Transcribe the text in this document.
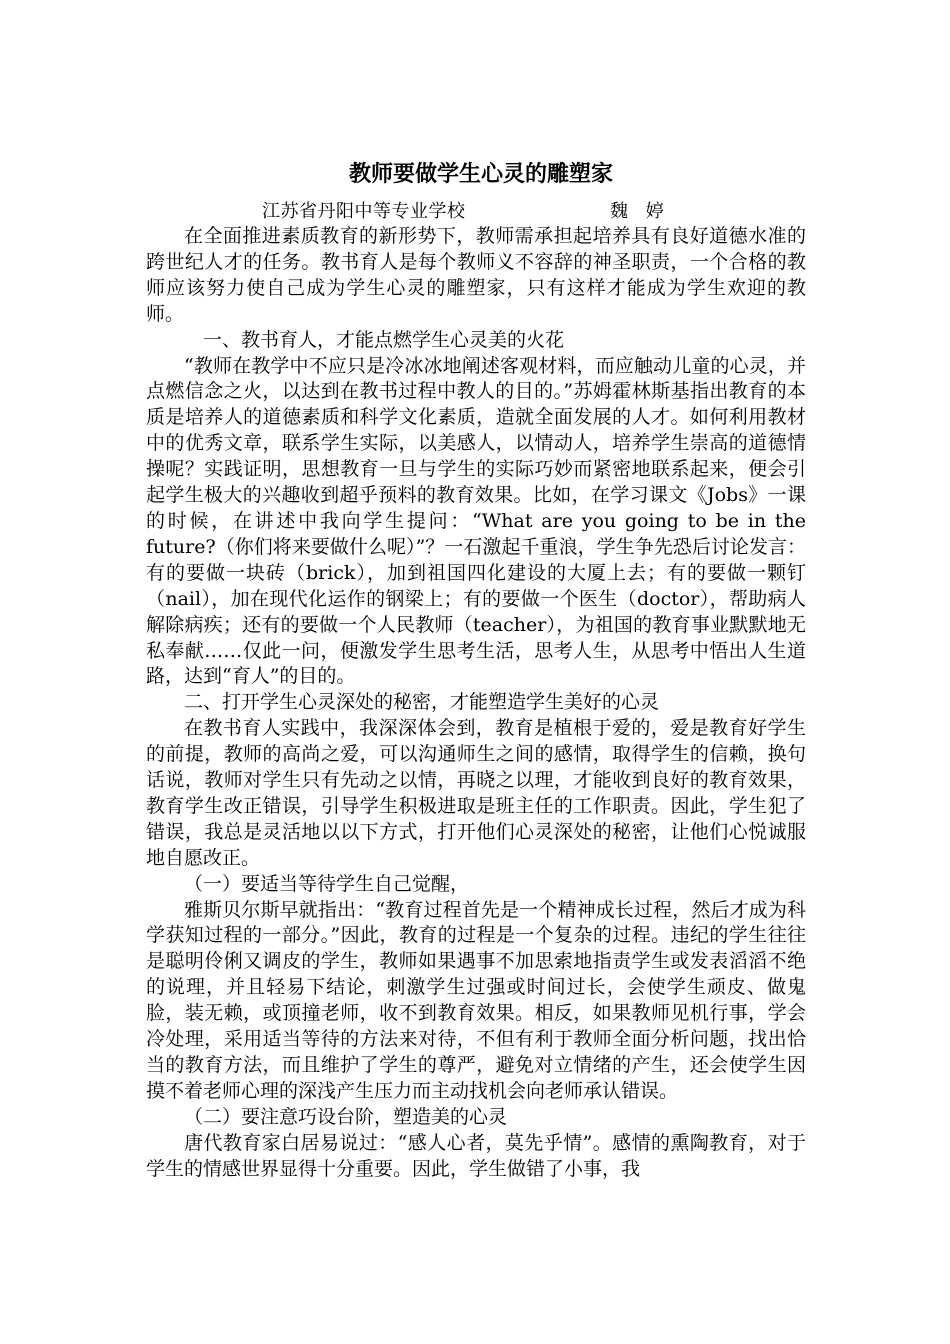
教师要做学生心灵的雕塑家
江苏省丹阳中等专业学校	魏 婷

在全面推进素质教育的新形势下，教师需承担起培养具有良好道德水准的跨世纪人才的任务。教书育人是每个教师义不容辞的神圣职责，一个合格的教师应该努力使自己成为学生心灵的雕塑家，只有这样才能成为学生欢迎的教师。

一、教书育人，才能点燃学生心灵美的火花

“教师在教学中不应只是冷冰冰地阐述客观材料，而应触动儿童的心灵，并点燃信念之火，以达到在教书过程中教人的目的。”苏姆霍林斯基指出教育的本质是培养人的道德素质和科学文化素质，造就全面发展的人才。如何利用教材中的优秀文章，联系学生实际，以美感人，以情动人，培养学生崇高的道德情操呢？实践证明，思想教育一旦与学生的实际巧妙而紧密地联系起来，便会引起学生极大的兴趣收到超乎预料的教育效果。比如，在学习课文《Jobs》一课的时候，在讲述中我向学生提问：“What are you going to be in the future?（你们将来要做什么呢）”？一石激起千重浪，学生争先恐后讨论发言：有的要做一块砖（brick），加到祖国四化建设的大厦上去；有的要做一颗钉（nail），加在现代化运作的钢梁上；有的要做一个医生（doctor），帮助病人解除病疾；还有的要做一个人民教师（teacher），为祖国的教育事业默默地无私奉献……仅此一问，便激发学生思考生活，思考人生，从思考中悟出人生道路，达到“育人”的目的。

二、打开学生心灵深处的秘密，才能塑造学生美好的心灵

在教书育人实践中，我深深体会到，教育是植根于爱的，爱是教育好学生的前提，教师的高尚之爱，可以沟通师生之间的感情，取得学生的信赖，换句话说，教师对学生只有先动之以情，再晓之以理，才能收到良好的教育效果，教育学生改正错误，引导学生积极进取是班主任的工作职责。因此，学生犯了错误，我总是灵活地以以下方式，打开他们心灵深处的秘密，让他们心悦诚服地自愿改正。

（一）要适当等待学生自己觉醒，

雅斯贝尔斯早就指出：“教育过程首先是一个精神成长过程，然后才成为科学获知过程的一部分。”因此，教育的过程是一个复杂的过程。违纪的学生往往是聪明伶俐又调皮的学生，教师如果遇事不加思索地指责学生或发表滔滔不绝的说理，并且轻易下结论，刺激学生过强或时间过长，会使学生顽皮、做鬼脸，装无赖，或顶撞老师，收不到教育效果。相反，如果教师见机行事，学会冷处理，采用适当等待的方法来对待，不但有利于教师全面分析问题，找出恰当的教育方法，而且维护了学生的尊严，避免对立情绪的产生，还会使学生因摸不着老师心理的深浅产生压力而主动找机会向老师承认错误。

（二）要注意巧设台阶，塑造美的心灵

唐代教育家白居易说过：“感人心者，莫先乎情”。感情的熏陶教育，对于学生的情感世界显得十分重要。因此，学生做错了小事，我
